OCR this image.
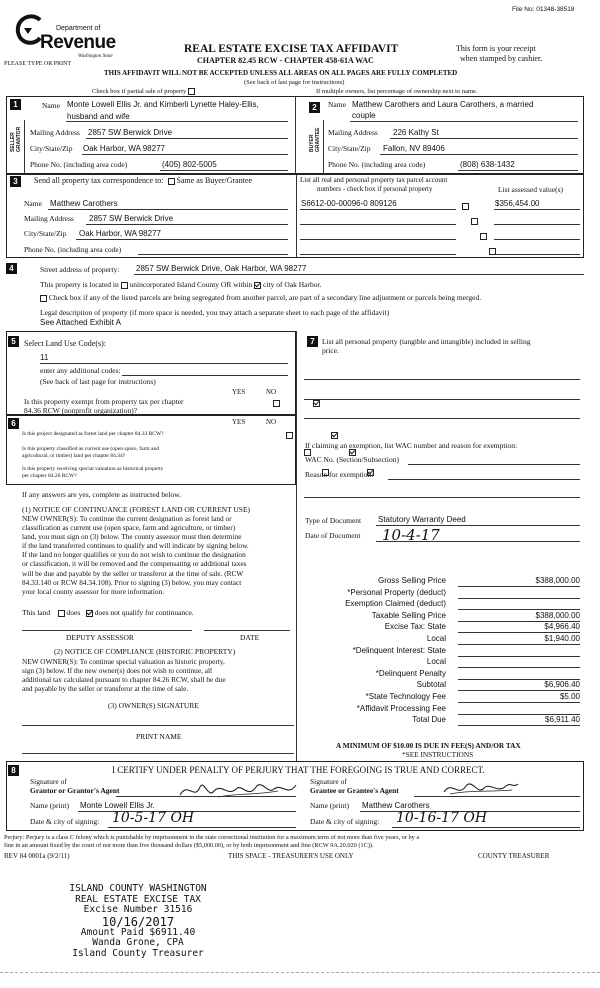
File No: 01348-38518
Department of
Revenue
Washington State
PLEASE TYPE OR PRINT
REAL ESTATE EXCISE TAX AFFIDAVIT
CHAPTER 82.45 RCW - CHAPTER 458-61A WAC
This form is your receipt
when stamped by cashier.
THIS AFFIDAVIT WILL NOT BE ACCEPTED UNLESS ALL AREAS ON ALL PAGES ARE FULLY COMPLETED
(See back of last page for instructions)
Check box if partial sale of property	If multiple owners, list percentage of ownership next to name.
1
SELLER
GRANTOR
Name Monte Lowell Ellis Jr. and Kimberli Lynette Haley-Ellis,
husband and wife
Mailing Address 2857 SW Berwick Drive
City/State/Zip Oak Harbor, WA 98277
Phone No. (including area code)	(405) 802-5005
2
BUYER
GRANTEE
Name Matthew Carothers and Laura Carothers, a married
couple
Mailing Address 226 Kathy St
City/State/Zip Fallon, NV 89406
Phone No. (including area code)	(808) 638-1432
3	Send all property tax correspondence to: Same as Buyer/Grantee
Name Matthew Carothers
Mailing Address 2857 SW Berwick Drive
City/State/Zip Oak Harbor, WA 98277
Phone No. (including area code)
List all real and personal property tax parcel account
numbers - check box if personal property	List assessed value(s)
S6612-00-00096-0 809126	$356,454.00

4	Street address of property: 2857 SW Berwick Drive, Oak Harbor, WA 98277
This property is located in unincorporated Island County OR within city of Oak Harbor.
Check box if any of the listed parcels are being segregated from another parcel, are part of a secondary line adjustment or parcels being merged.
Legal description of property (if more space is needed, you may attach a separate sheet to each page of the affidavit)
See Attached Exhibit A
5	Select Land Use Code(s):
11
enter any additional codes:
(See back of last page for instructions)
YES	NO
Is this property exempt from property tax per chapter
84.36 RCW (nonprofit organization)?

6	YES	NO
Is this project designated as forest land per chapter 84.33 RCW?

Is this property classified as current use (open space, farm and
agricultural, or timber) land per chapter 84.34?

Is this property receiving special valuation as historical property
per chapter 84.26 RCW?

If any answers are yes, complete as instructed below.
(1) NOTICE OF CONTINUANCE (FOREST LAND OR CURRENT USE)
NEW OWNER(S): To continue the current designation as forest land or
classification as current use (open space, farm and agriculture, or timber)
land, you must sign on (3) below. The county assessor must then determine
if the land transferred continues to qualify and will indicate by signing below.
If the land no longer qualifies or you do not wish to continue the designation
or classification, it will be removed and the compensating or additional taxes
will be due and payable by the seller or transferor at the time of sale. (RCW
84.33.140 or RCW 84.34.108). Prior to signing (3) below, you may contact
your local county assessor for more information.
This land does does not qualify for continuance.
DEPUTY ASSESSOR	DATE
(2) NOTICE OF COMPLIANCE (HISTORIC PROPERTY)
NEW OWNER(S): To continue special valuation as historic property,
sign (3) below. If the new owner(s) does not wish to continue, all
additional tax calculated pursuant to chapter 84.26 RCW, shall be due
and payable by the seller or transferor at the time of sale.
(3) OWNER(S) SIGNATURE
PRINT NAME
7 List all personal property (tangible and intangible) included in selling
price.
If claiming an exemption, list WAC number and reason for exemption:
WAC No. (Section/Subsection)
Reason for exemption:
Type of Document Statutory Warranty Deed
Date of Document 10-4-17
Gross Selling Price	$388,000.00
*Personal Property (deduct)
Exemption Claimed (deduct)
Taxable Selling Price	$388,000.00
Excise Tax: State	$4,966.40
Local	$1,940.00
*Delinquent Interest: State
Local
*Delinquent Penalty
Subtotal	$6,906.40
*State Technology Fee	$5.00
*Affidavit Processing Fee
Total Due	$6,911.40
A MINIMUM OF $10.00 IS DUE IN FEE(S) AND/OR TAX
*SEE INSTRUCTIONS
8	I CERTIFY UNDER PENALTY OF PERJURY THAT THE FOREGOING IS TRUE AND CORRECT.
Signature of
Grantor or Grantor's Agent
Name (print) Monte Lowell Ellis Jr.
Date & city of signing: 10-5-17 OH
Signature of
Grantee or Grantee's Agent
Name (print) Matthew Carothers
Date & city of signing: 10-16-17 OH
Perjury: Perjury is a class C felony which is punishable by imprisonment in the state correctional institution for a maximum term of not more than five years, or by a
fine in an amount fixed by the court of not more than five thousand dollars ($5,000.00), or by both imprisonment and fine (RCW 9A.20.020 (1C)).
REV 84 0001a (9/2/11)	THIS SPACE - TREASURER'S USE ONLY	COUNTY TREASURER
ISLAND COUNTY WASHINGTON
REAL ESTATE EXCISE TAX
Excise Number 31516
10/16/2017
Amount Paid $6911.40
Wanda Grone, CPA
Island County Treasurer
